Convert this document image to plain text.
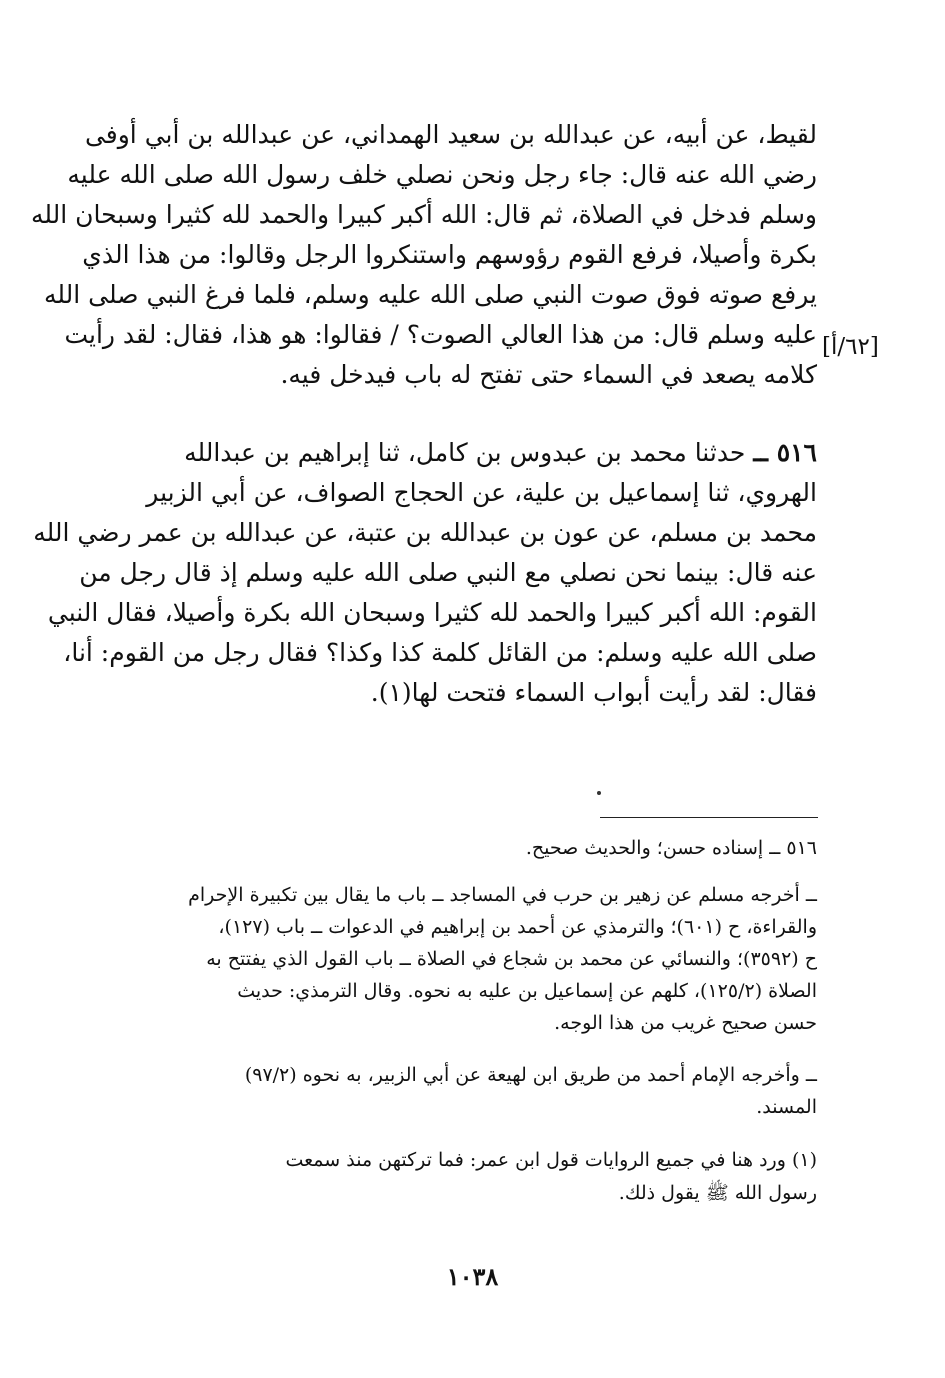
لقيط، عن أبيه، عن عبدالله بن سعيد الهمداني، عن عبدالله بن أبي أوفى
رضي الله عنه قال: جاء رجل ونحن نصلي خلف رسول الله صلى الله عليه
وسلم فدخل في الصلاة، ثم قال: الله أكبر كبيرا والحمد لله كثيرا وسبحان الله
بكرة وأصيلا، فرفع القوم رؤوسهم واستنكروا الرجل وقالوا: من هذا الذي
يرفع صوته فوق صوت النبي صلى الله عليه وسلم، فلما فرغ النبي صلى الله
عليه وسلم قال: من هذا العالي الصوت؟ / فقالوا: هو هذا، فقال: لقد رأيت
كلامه يصعد في السماء حتى تفتح له باب فيدخل فيه.
[٦٢/أ]
٥١٦ ــ حدثنا محمد بن عبدوس بن كامل، ثنا إبراهيم بن عبدالله
الهروي، ثنا إسماعيل بن علية، عن الحجاج الصواف، عن أبي الزبير
محمد بن مسلم، عن عون بن عبدالله بن عتبة، عن عبدالله بن عمر رضي الله
عنه قال: بينما نحن نصلي مع النبي صلى الله عليه وسلم إذ قال رجل من
القوم: الله أكبر كبيرا والحمد لله كثيرا وسبحان الله بكرة وأصيلا، فقال النبي
صلى الله عليه وسلم: من القائل كلمة كذا وكذا؟ فقال رجل من القوم: أنا،
فقال: لقد رأيت أبواب السماء فتحت لها(١).
٥١٦ ــ إسناده حسن؛ والحديث صحيح.
ــ أخرجه مسلم عن زهير بن حرب في المساجد ــ باب ما يقال بين تكبيرة الإحرام
والقراءة، ح (٦٠١)؛ والترمذي عن أحمد بن إبراهيم في الدعوات ــ باب (١٢٧)،
ح (٣٥٩٢)؛ والنسائي عن محمد بن شجاع في الصلاة ــ باب القول الذي يفتتح به
الصلاة (١٢٥/٢)، كلهم عن إسماعيل بن عليه به نحوه. وقال الترمذي: حديث
حسن صحيح غريب من هذا الوجه.
ــ وأخرجه الإمام أحمد من طريق ابن لهيعة عن أبي الزبير، به نحوه (٩٧/٢)
المسند.
(١) ورد هنا في جميع الروايات قول ابن عمر: فما تركتهن منذ سمعت
رسول الله ﷺ يقول ذلك.
١٠٣٨
